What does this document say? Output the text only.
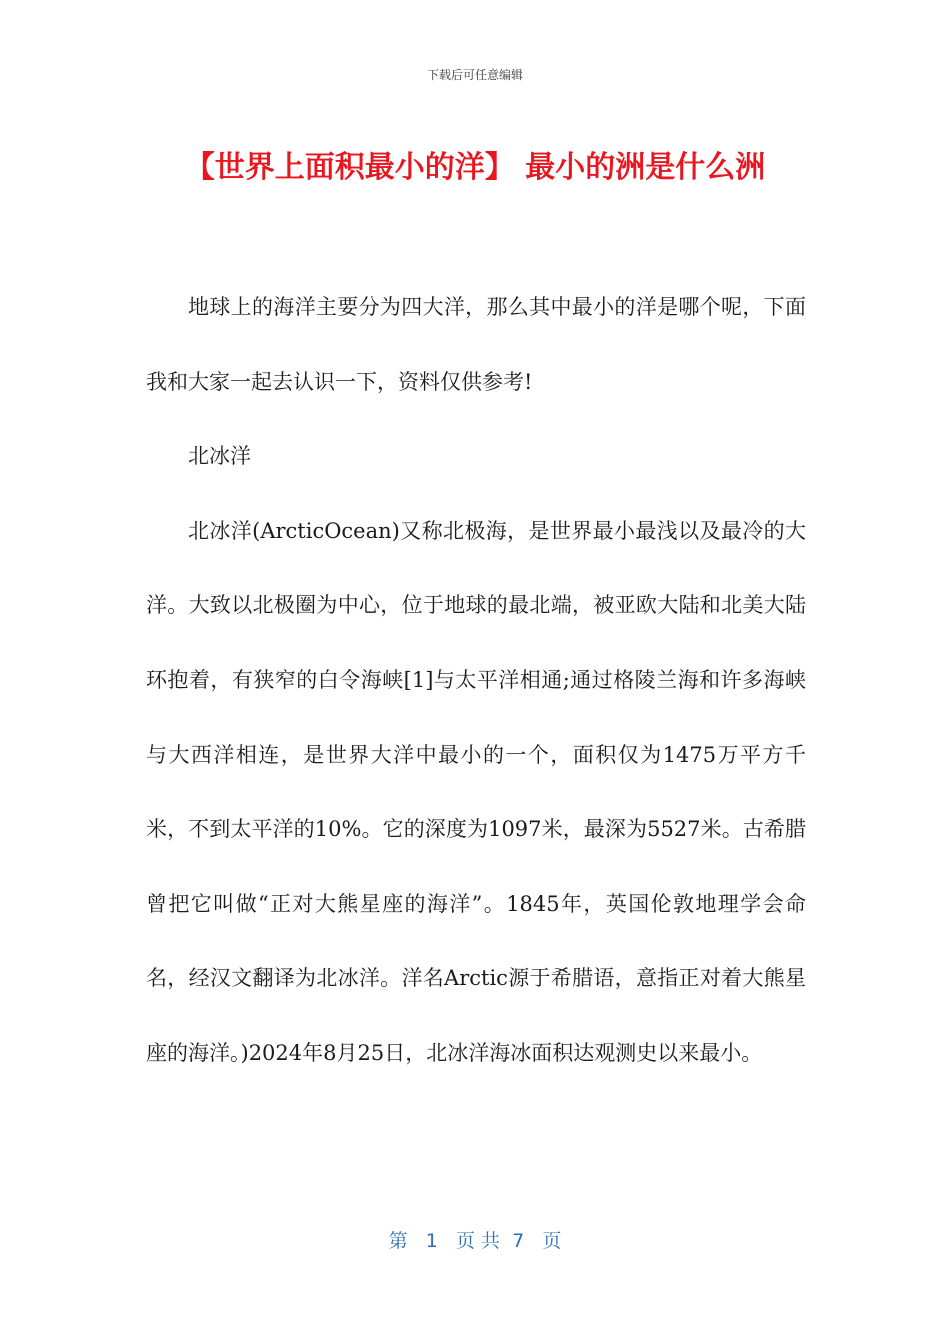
下载后可任意编辑
【世界上面积最小的洋】 最小的洲是什么洲

地球上的海洋主要分为四大洋，那么其中最小的洋是哪个呢，下面我和大家一起去认识一下，资料仅供参考!

北冰洋

北冰洋(ArcticOcean)又称北极海，是世界最小最浅以及最冷的大洋。大致以北极圈为中心，位于地球的最北端，被亚欧大陆和北美大陆环抱着，有狭窄的白令海峡[1]与太平洋相通;通过格陵兰海和许多海峡与大西洋相连，是世界大洋中最小的一个，面积仅为1475万平方千米，不到太平洋的10%。它的深度为1097米，最深为5527米。古希腊曾把它叫做“正对大熊星座的海洋”。1845年，英国伦敦地理学会命名，经汉文翻译为北冰洋。洋名Arctic源于希腊语，意指正对着大熊星座的海洋。)2024年8月25日，北冰洋海冰面积达观测史以来最小。

第 1 页 共 7 页
